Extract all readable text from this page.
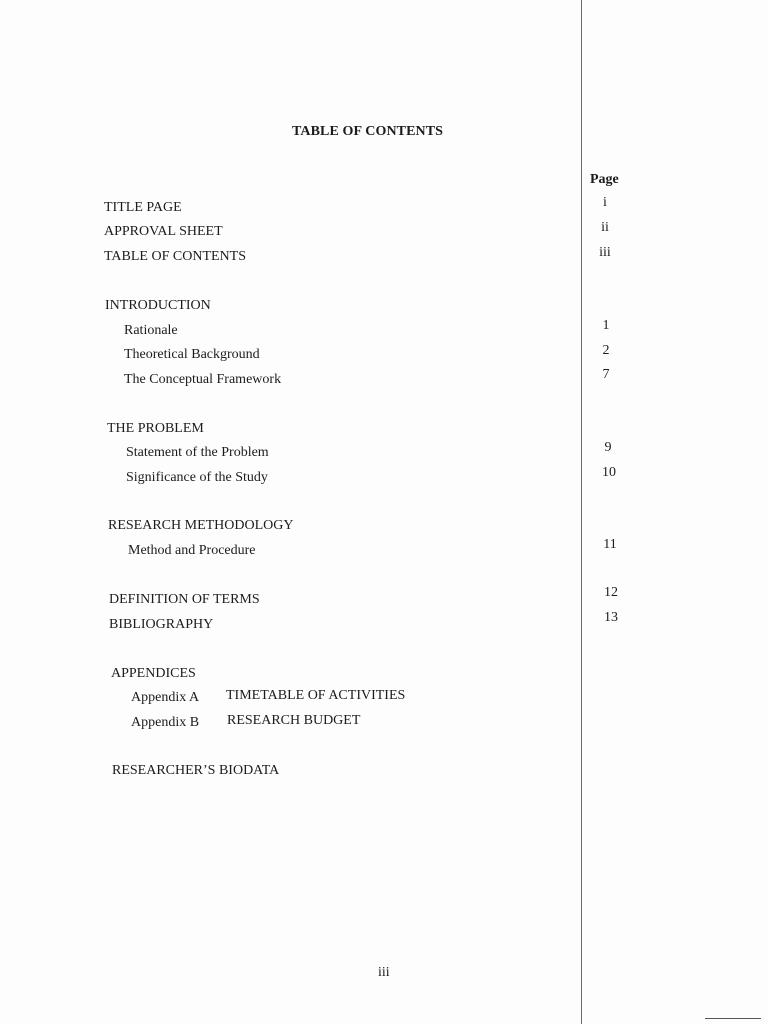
TABLE OF CONTENTS
Page
TITLE PAGE	i
APPROVAL SHEET	ii
TABLE OF CONTENTS	iii
INTRODUCTION
Rationale	1
Theoretical Background	2
The Conceptual Framework	7
THE PROBLEM
Statement of the Problem	9
Significance of the Study	10
RESEARCH METHODOLOGY
Method and Procedure	11
DEFINITION OF TERMS	12
BIBLIOGRAPHY	13
APPENDICES
Appendix A TIMETABLE OF ACTIVITIES
Appendix B RESEARCH BUDGET
RESEARCHER’S BIODATA
iii
